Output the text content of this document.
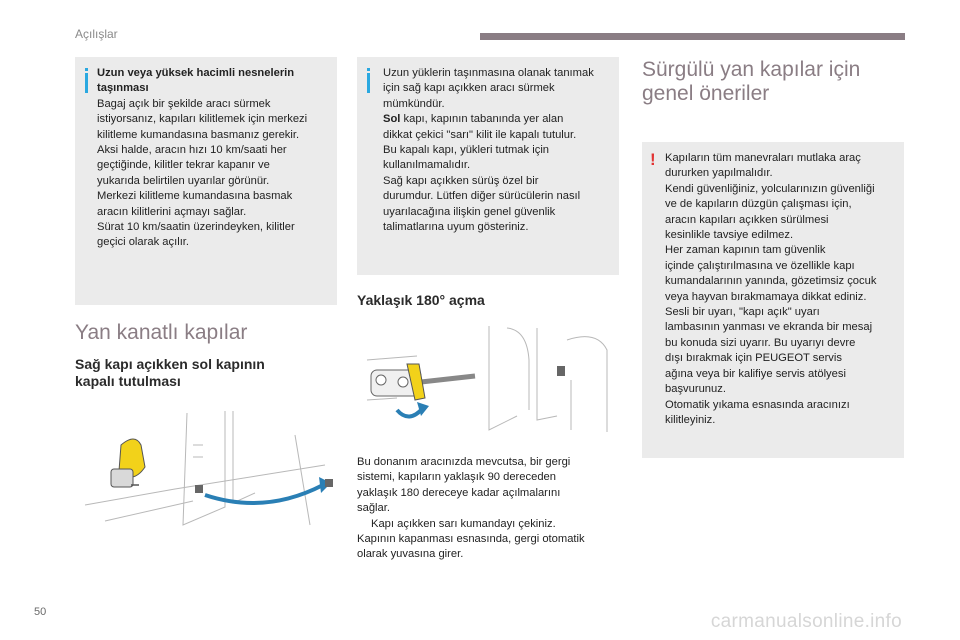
Açılışlar
Uzun veya yüksek hacimli nesnelerin
taşınması
Bagaj açık bir şekilde aracı sürmek
istiyorsanız, kapıları kilitlemek için merkezi
kilitleme kumandasına basmanız gerekir.
Aksi halde, aracın hızı 10 km/saati her
geçtiğinde, kilitler tekrar kapanır ve
yukarıda belirtilen uyarılar görünür.
Merkezi kilitleme kumandasına basmak
aracın kilitlerini açmayı sağlar.
Sürat 10 km/saatin üzerindeyken, kilitler
geçici olarak açılır.
Yan kanatlı kapılar
Sağ kapı açıkken sol kapının
kapalı tutulması
Uzun yüklerin taşınmasına olanak tanımak
için sağ kapı açıkken aracı sürmek
mümkündür.
Sol kapı, kapının tabanında yer alan
dikkat çekici "sarı" kilit ile kapalı tutulur.
Bu kapalı kapı, yükleri tutmak için
kullanılmamalıdır.
Sağ kapı açıkken sürüş özel bir
durumdur. Lütfen diğer sürücülerin nasıl
uyarılacağına ilişkin genel güvenlik
talimatlarına uyum gösteriniz.
Yaklaşık 180° açma
Bu donanım aracınızda mevcutsa, bir gergi
sistemi, kapıların yaklaşık 90 dereceden
yaklaşık 180 dereceye kadar açılmalarını
sağlar.
Kapı açıkken sarı kumandayı çekiniz.
Kapının kapanması esnasında, gergi otomatik
olarak yuvasına girer.
Sürgülü yan kapılar için
genel öneriler
! Kapıların tüm manevraları mutlaka araç
dururken yapılmalıdır.
Kendi güvenliğiniz, yolcularınızın güvenliği
ve de kapıların düzgün çalışması için,
aracın kapıları açıkken sürülmesi
kesinlikle tavsiye edilmez.
Her zaman kapının tam güvenlik
içinde çalıştırılmasına ve özellikle kapı
kumandalarının yanında, gözetimsiz çocuk
veya hayvan bırakmamaya dikkat ediniz.
Sesli bir uyarı, "kapı açık" uyarı
lambasının yanması ve ekranda bir mesaj
bu konuda sizi uyarır. Bu uyarıyı devre
dışı bırakmak için PEUGEOT servis
ağına veya bir kalifiye servis atölyesi
başvurunuz.
Otomatik yıkama esnasında aracınızı
kilitleyiniz.
50	carmanualsonline.info
